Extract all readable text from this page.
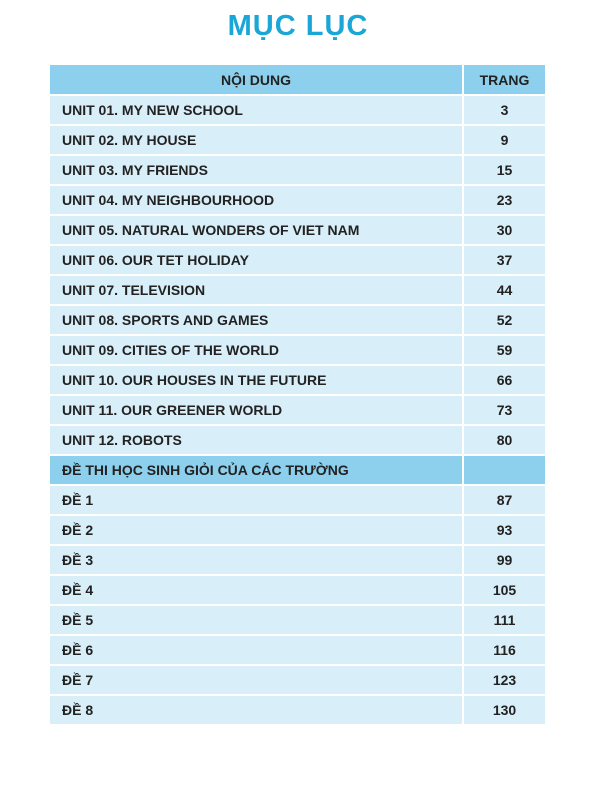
MỤC LỤC
NỘI DUNG	TRANG
UNIT 01. MY NEW SCHOOL	3
UNIT 02. MY HOUSE	9
UNIT 03. MY FRIENDS	15
UNIT 04. MY NEIGHBOURHOOD	23
UNIT 05. NATURAL WONDERS OF VIET NAM	30
UNIT 06. OUR TET HOLIDAY	37
UNIT 07. TELEVISION	44
UNIT 08. SPORTS AND GAMES	52
UNIT 09. CITIES OF THE WORLD	59
UNIT 10. OUR HOUSES IN THE FUTURE	66
UNIT 11. OUR GREENER WORLD	73
UNIT 12. ROBOTS	80
ĐỀ THI HỌC SINH GIỎI CỦA CÁC TRƯỜNG	
ĐỀ 1	87
ĐỀ 2	93
ĐỀ 3	99
ĐỀ 4	105
ĐỀ 5	111
ĐỀ 6	116
ĐỀ 7	123
ĐỀ 8	130
